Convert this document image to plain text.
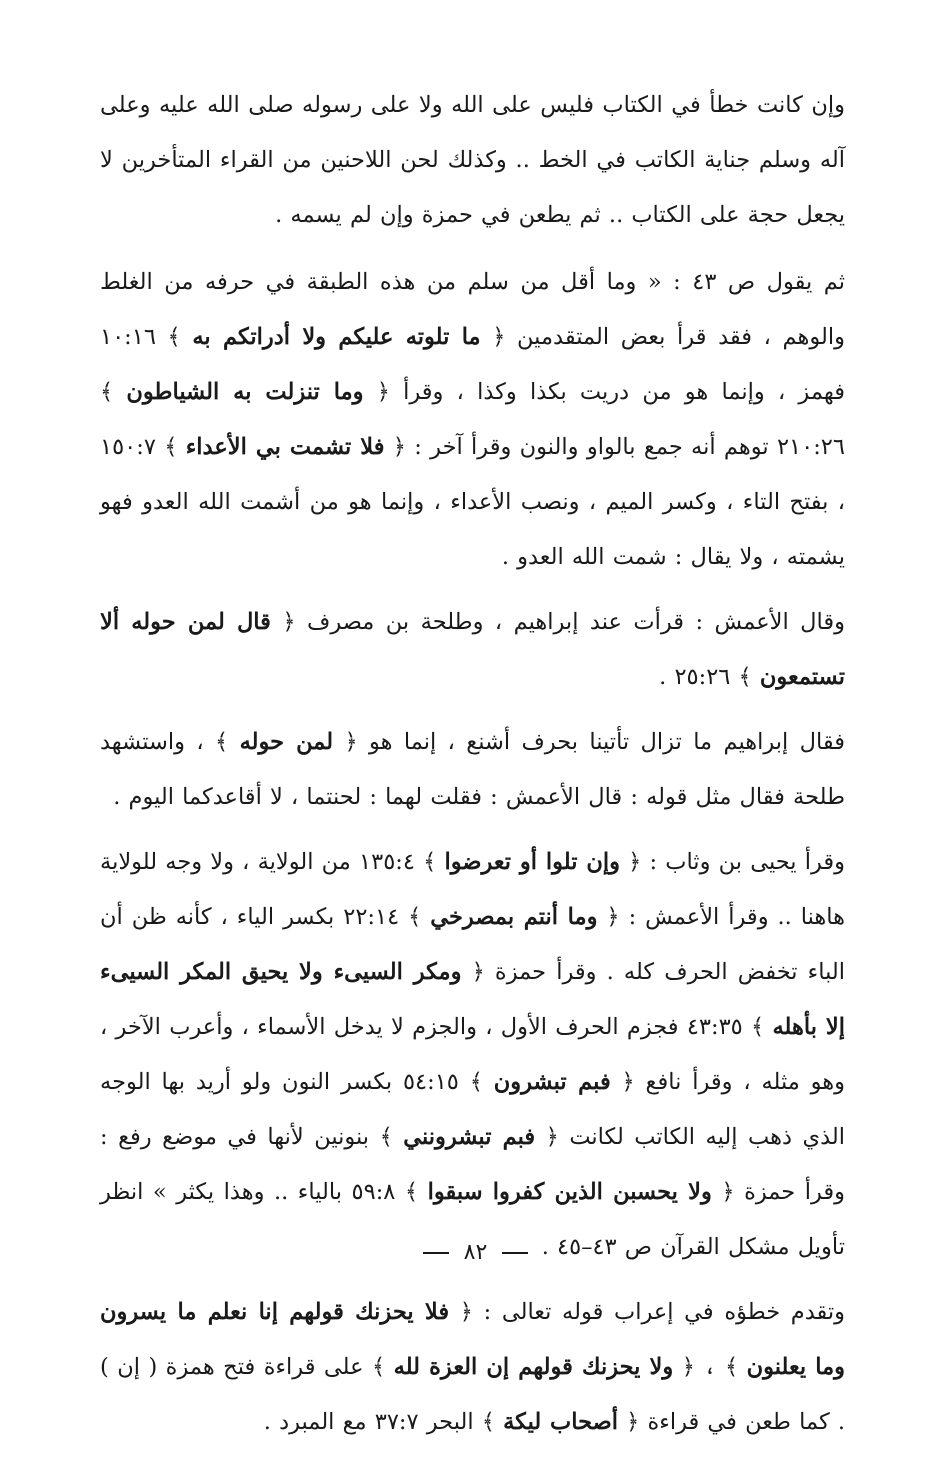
وإن كانت خطأ في الكتاب فليس على الله ولا على رسوله صلى الله عليه وعلى آله وسلم جناية الكاتب في الخط .. وكذلك لحن اللاحنين من القراء المتأخرين لا يجعل حجة على الكتاب .. ثم يطعن في حمزة وإن لم يسمه .

ثم يقول ص ٤٣ : « وما أقل من سلم من هذه الطبقة في حرفه من الغلط والوهم ، فقد قرأ بعض المتقدمين ﴿ ما تلوته عليكم ولا أدراتكم به ﴾ ١٠:١٦ فهمز ، وإنما هو من دريت بكذا وكذا ، وقرأ ﴿ وما تنزلت به الشياطون ﴾ ٢١٠:٢٦ توهم أنه جمع بالواو والنون وقرأ آخر : ﴿ فلا تشمت بي الأعداء ﴾ ١٥٠:٧ ، بفتح التاء ، وكسر الميم ، ونصب الأعداء ، وإنما هو من أشمت الله العدو فهو يشمته ، ولا يقال : شمت الله العدو .

وقال الأعمش : قرأت عند إبراهيم ، وطلحة بن مصرف ﴿ قال لمن حوله ألا تستمعون ﴾ ٢٥:٢٦ .

فقال إبراهيم ما تزال تأتينا بحرف أشنع ، إنما هو ﴿ لمن حوله ﴾ ، واستشهد طلحة فقال مثل قوله : قال الأعمش : فقلت لهما : لحنتما ، لا أقاعدكما اليوم .

وقرأ يحيى بن وثاب : ﴿ وإن تلوا أو تعرضوا ﴾ ١٣٥:٤ من الولاية ، ولا وجه للولاية هاهنا .. وقرأ الأعمش : ﴿ وما أنتم بمصرخي ﴾ ٢٢:١٤ بكسر الياء ، كأنه ظن أن الباء تخفض الحرف كله . وقرأ حمزة ﴿ ومكر السيىء ولا يحيق المكر السيىء إلا بأهله ﴾ ٤٣:٣٥ فجزم الحرف الأول ، والجزم لا يدخل الأسماء ، وأعرب الآخر ، وهو مثله ، وقرأ نافع ﴿ فبم تبشرون ﴾ ٥٤:١٥ بكسر النون ولو أريد بها الوجه الذي ذهب إليه الكاتب لكانت ﴿ فبم تبشرونني ﴾ بنونين لأنها في موضع رفع : وقرأ حمزة ﴿ ولا يحسبن الذين كفروا سبقوا ﴾ ٥٩:٨ بالياء .. وهذا يكثر » انظر تأويل مشكل القرآن ص ٤٣–٤٥ .

وتقدم خطؤه في إعراب قوله تعالى : ﴿ فلا يحزنك قولهم إنا نعلم ما يسرون وما يعلنون ﴾ ، ﴿ ولا يحزنك قولهم إن العزة لله ﴾ على قراءة فتح همزة ( إن ) . كما طعن في قراءة ﴿ أصحاب ليكة ﴾ البحر ٣٧:٧ مع المبرد .

٨٢
